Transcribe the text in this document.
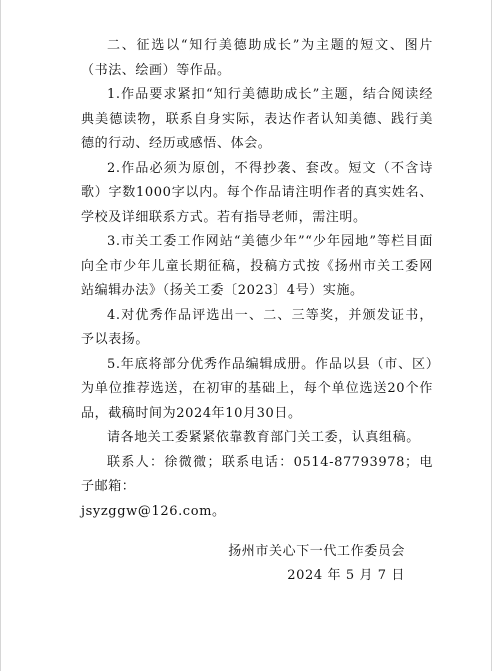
二、征选以“知行美德助成长”为主题的短文、图片（书法、绘画）等作品。

1.作品要求紧扣“知行美德助成长”主题，结合阅读经典美德读物，联系自身实际，表达作者认知美德、践行美德的行动、经历或感悟、体会。

2.作品必须为原创，不得抄袭、套改。短文（不含诗歌）字数1000字以内。每个作品请注明作者的真实姓名、学校及详细联系方式。若有指导老师，需注明。

3.市关工委工作网站“美德少年”“少年园地”等栏目面向全市少年儿童长期征稿，投稿方式按《扬州市关工委网站编辑办法》（扬关工委〔2023〕4号）实施。

4.对优秀作品评选出一、二、三等奖，并颁发证书，予以表扬。

5.年底将部分优秀作品编辑成册。作品以县（市、区）为单位推荐选送，在初审的基础上，每个单位选送20个作品，截稿时间为2024年10月30日。

请各地关工委紧紧依靠教育部门关工委，认真组稿。

联系人：徐微微；联系电话：0514-87793978；电子邮箱：

jsyzggw@126.com。

扬州市关心下一代工作委员会
2024 年 5 月 7 日
